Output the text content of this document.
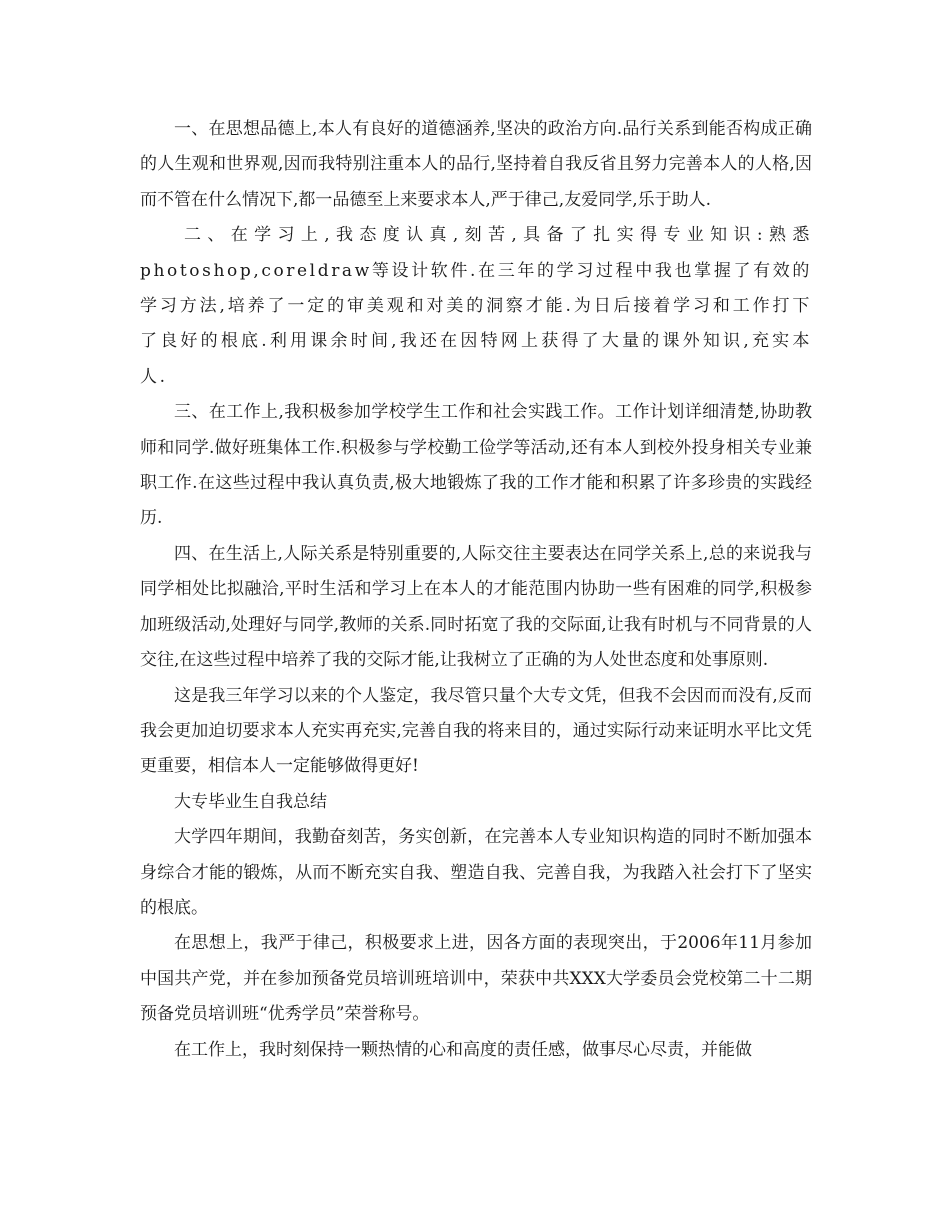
一、在思想品德上,本人有良好的道德涵养,坚决的政治方向.品行关系到能否构成正确的人生观和世界观,因而我特别注重本人的品行,坚持着自我反省且努力完善本人的人格,因而不管在什么情况下,都一品德至上来要求本人,严于律己,友爱同学,乐于助人.

二、在学习上,我态度认真,刻苦,具备了扎实得专业知识:熟悉photoshop,coreldraw等设计软件.在三年的学习过程中我也掌握了有效的学习方法,培养了一定的审美观和对美的洞察才能.为日后接着学习和工作打下了良好的根底.利用课余时间,我还在因特网上获得了大量的课外知识,充实本人.

三、在工作上,我积极参加学校学生工作和社会实践工作。工作计划详细清楚,协助教师和同学.做好班集体工作.积极参与学校勤工俭学等活动,还有本人到校外投身相关专业兼职工作.在这些过程中我认真负责,极大地锻炼了我的工作才能和积累了许多珍贵的实践经历.

四、在生活上,人际关系是特别重要的,人际交往主要表达在同学关系上,总的来说我与同学相处比拟融洽,平时生活和学习上在本人的才能范围内协助一些有困难的同学,积极参加班级活动,处理好与同学,教师的关系.同时拓宽了我的交际面,让我有时机与不同背景的人交往,在这些过程中培养了我的交际才能,让我树立了正确的为人处世态度和处事原则.

这是我三年学习以来的个人鉴定，我尽管只量个大专文凭，但我不会因而而没有,反而我会更加迫切要求本人充实再充实,完善自我的将来目的，通过实际行动来证明水平比文凭更重要，相信本人一定能够做得更好!

大专毕业生自我总结

大学四年期间，我勤奋刻苦，务实创新，在完善本人专业知识构造的同时不断加强本身综合才能的锻炼，从而不断充实自我、塑造自我、完善自我，为我踏入社会打下了坚实的根底。

在思想上，我严于律己，积极要求上进，因各方面的表现突出，于2006年11月参加中国共产党，并在参加预备党员培训班培训中，荣获中共XXX大学委员会党校第二十二期预备党员培训班“优秀学员”荣誉称号。

在工作上，我时刻保持一颗热情的心和高度的责任感，做事尽心尽责，并能做
